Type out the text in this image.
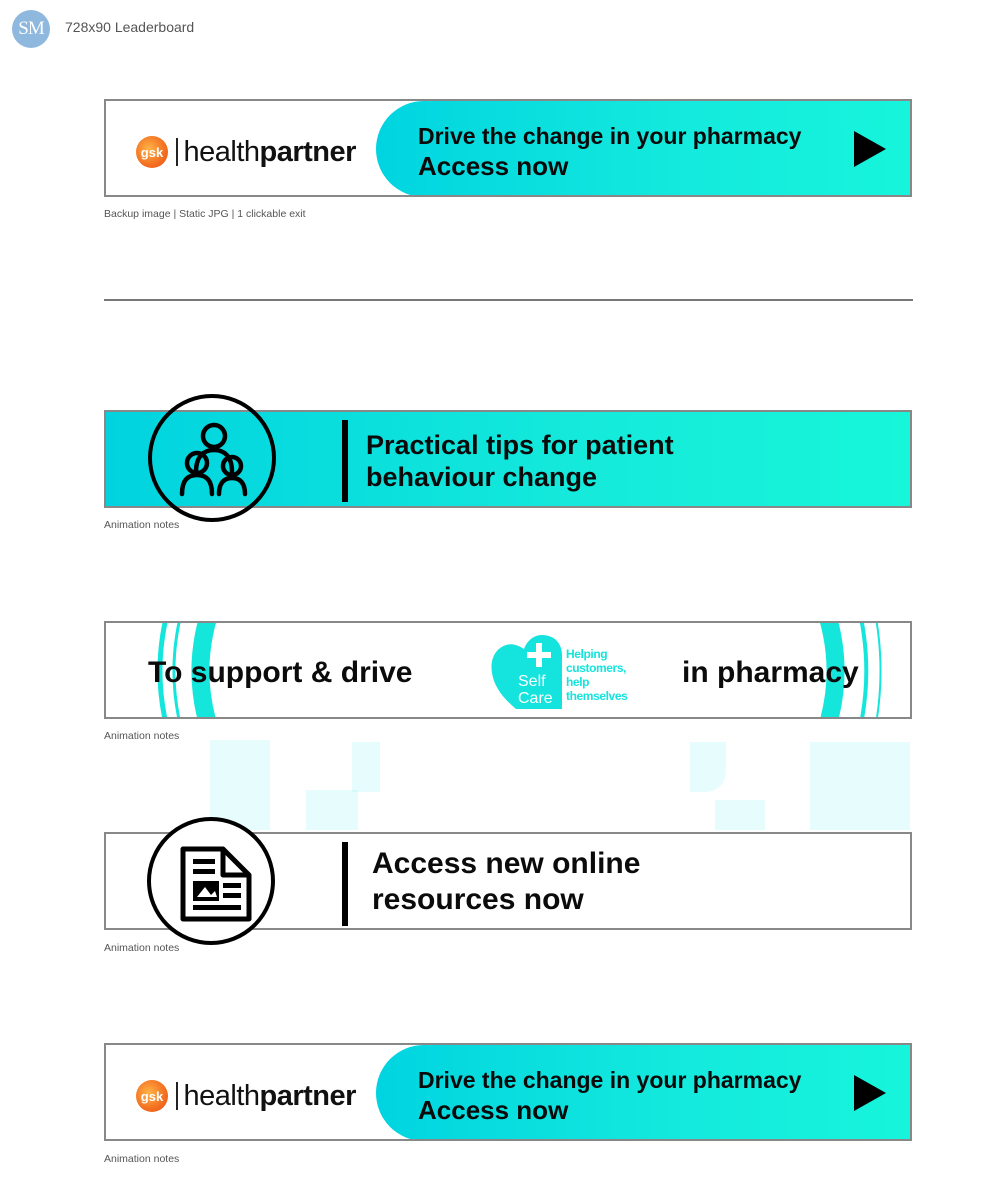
SM	728x90 Leaderboard
gsk health partner	Drive the change in your pharmacy
Access now
Backup image | Static JPG | 1 clickable exit
Practical tips for patient
behaviour change
Animation notes
To support & drive	in pharmacy
Self
Care
Helping
customers,
help
themselves
Animation notes
Access new online
resources now
Animation notes
gsk health partner	Drive the change in your pharmacy
Access now
Animation notes
